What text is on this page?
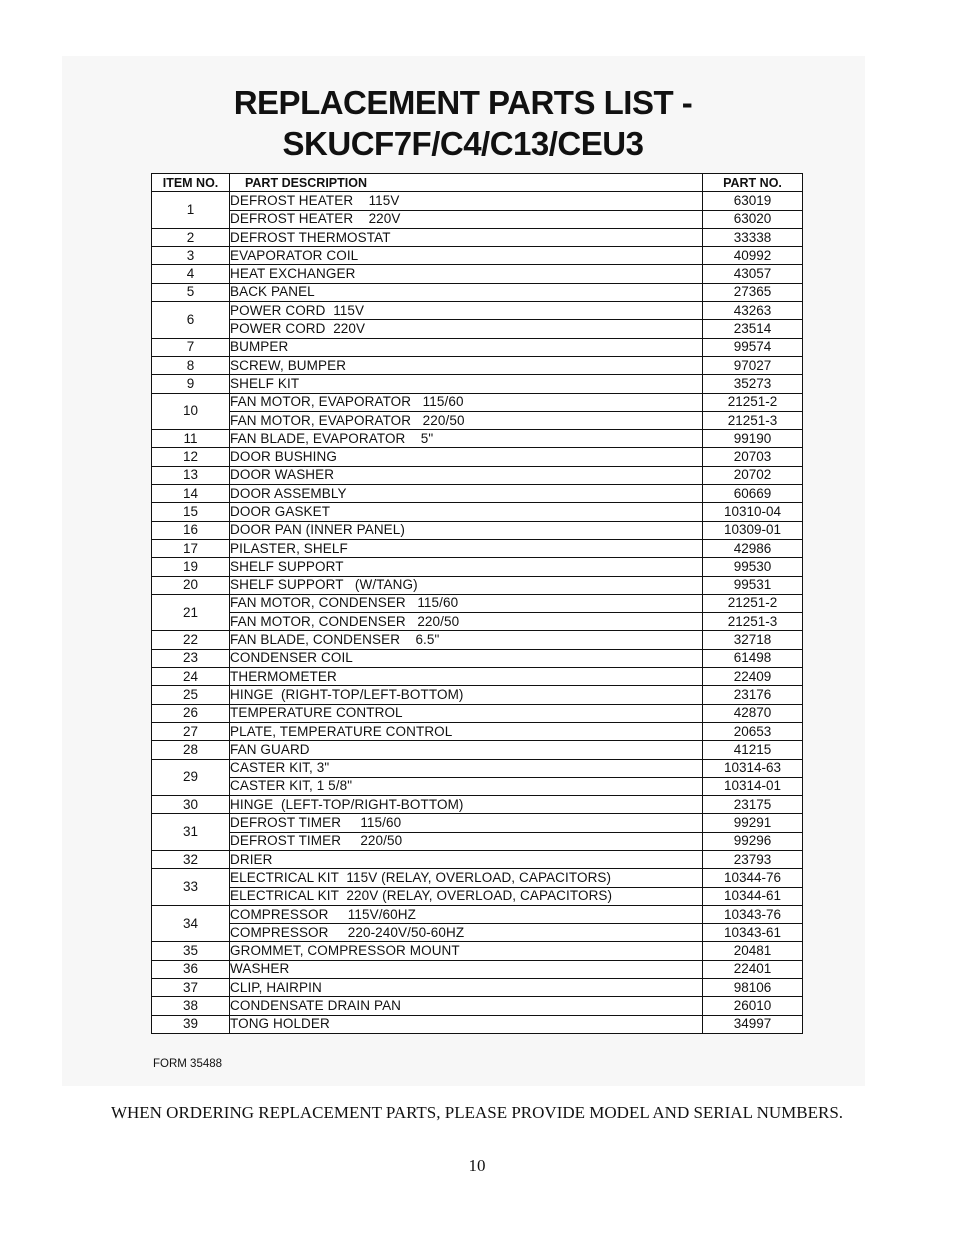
REPLACEMENT PARTS LIST -
SKUCF7F/C4/C13/CEU3
ITEM NO.	PART DESCRIPTION	PART NO.
1	DEFROST HEATER    115V	63019
	DEFROST HEATER    220V	63020
2	DEFROST THERMOSTAT	33338
3	EVAPORATOR COIL	40992
4	HEAT EXCHANGER	43057
5	BACK PANEL	27365
6	POWER CORD  115V	43263
	POWER CORD  220V	23514
7	BUMPER	99574
8	SCREW, BUMPER	97027
9	SHELF KIT	35273
10	FAN MOTOR, EVAPORATOR   115/60	21251-2
	FAN MOTOR, EVAPORATOR   220/50	21251-3
11	FAN BLADE, EVAPORATOR    5"	99190
12	DOOR BUSHING	20703
13	DOOR WASHER	20702
14	DOOR ASSEMBLY	60669
15	DOOR GASKET	10310-04
16	DOOR PAN (INNER PANEL)	10309-01
17	PILASTER, SHELF	42986
19	SHELF SUPPORT	99530
20	SHELF SUPPORT   (W/TANG)	99531
21	FAN MOTOR, CONDENSER   115/60	21251-2
	FAN MOTOR, CONDENSER   220/50	21251-3
22	FAN BLADE, CONDENSER    6.5"	32718
23	CONDENSER COIL	61498
24	THERMOMETER	22409
25	HINGE  (RIGHT-TOP/LEFT-BOTTOM)	23176
26	TEMPERATURE CONTROL	42870
27	PLATE, TEMPERATURE CONTROL	20653
28	FAN GUARD	41215
29	CASTER KIT, 3"	10314-63
	CASTER KIT, 1 5/8"	10314-01
30	HINGE  (LEFT-TOP/RIGHT-BOTTOM)	23175
31	DEFROST TIMER     115/60	99291
	DEFROST TIMER     220/50	99296
32	DRIER	23793
33	ELECTRICAL KIT  115V (RELAY, OVERLOAD, CAPACITORS)	10344-76
	ELECTRICAL KIT  220V (RELAY, OVERLOAD, CAPACITORS)	10344-61
34	COMPRESSOR     115V/60HZ	10343-76
	COMPRESSOR     220-240V/50-60HZ	10343-61
35	GROMMET, COMPRESSOR MOUNT	20481
36	WASHER	22401
37	CLIP, HAIRPIN	98106
38	CONDENSATE DRAIN PAN	26010
39	TONG HOLDER	34997
FORM 35488
WHEN ORDERING REPLACEMENT PARTS, PLEASE PROVIDE MODEL AND SERIAL NUMBERS.
10
